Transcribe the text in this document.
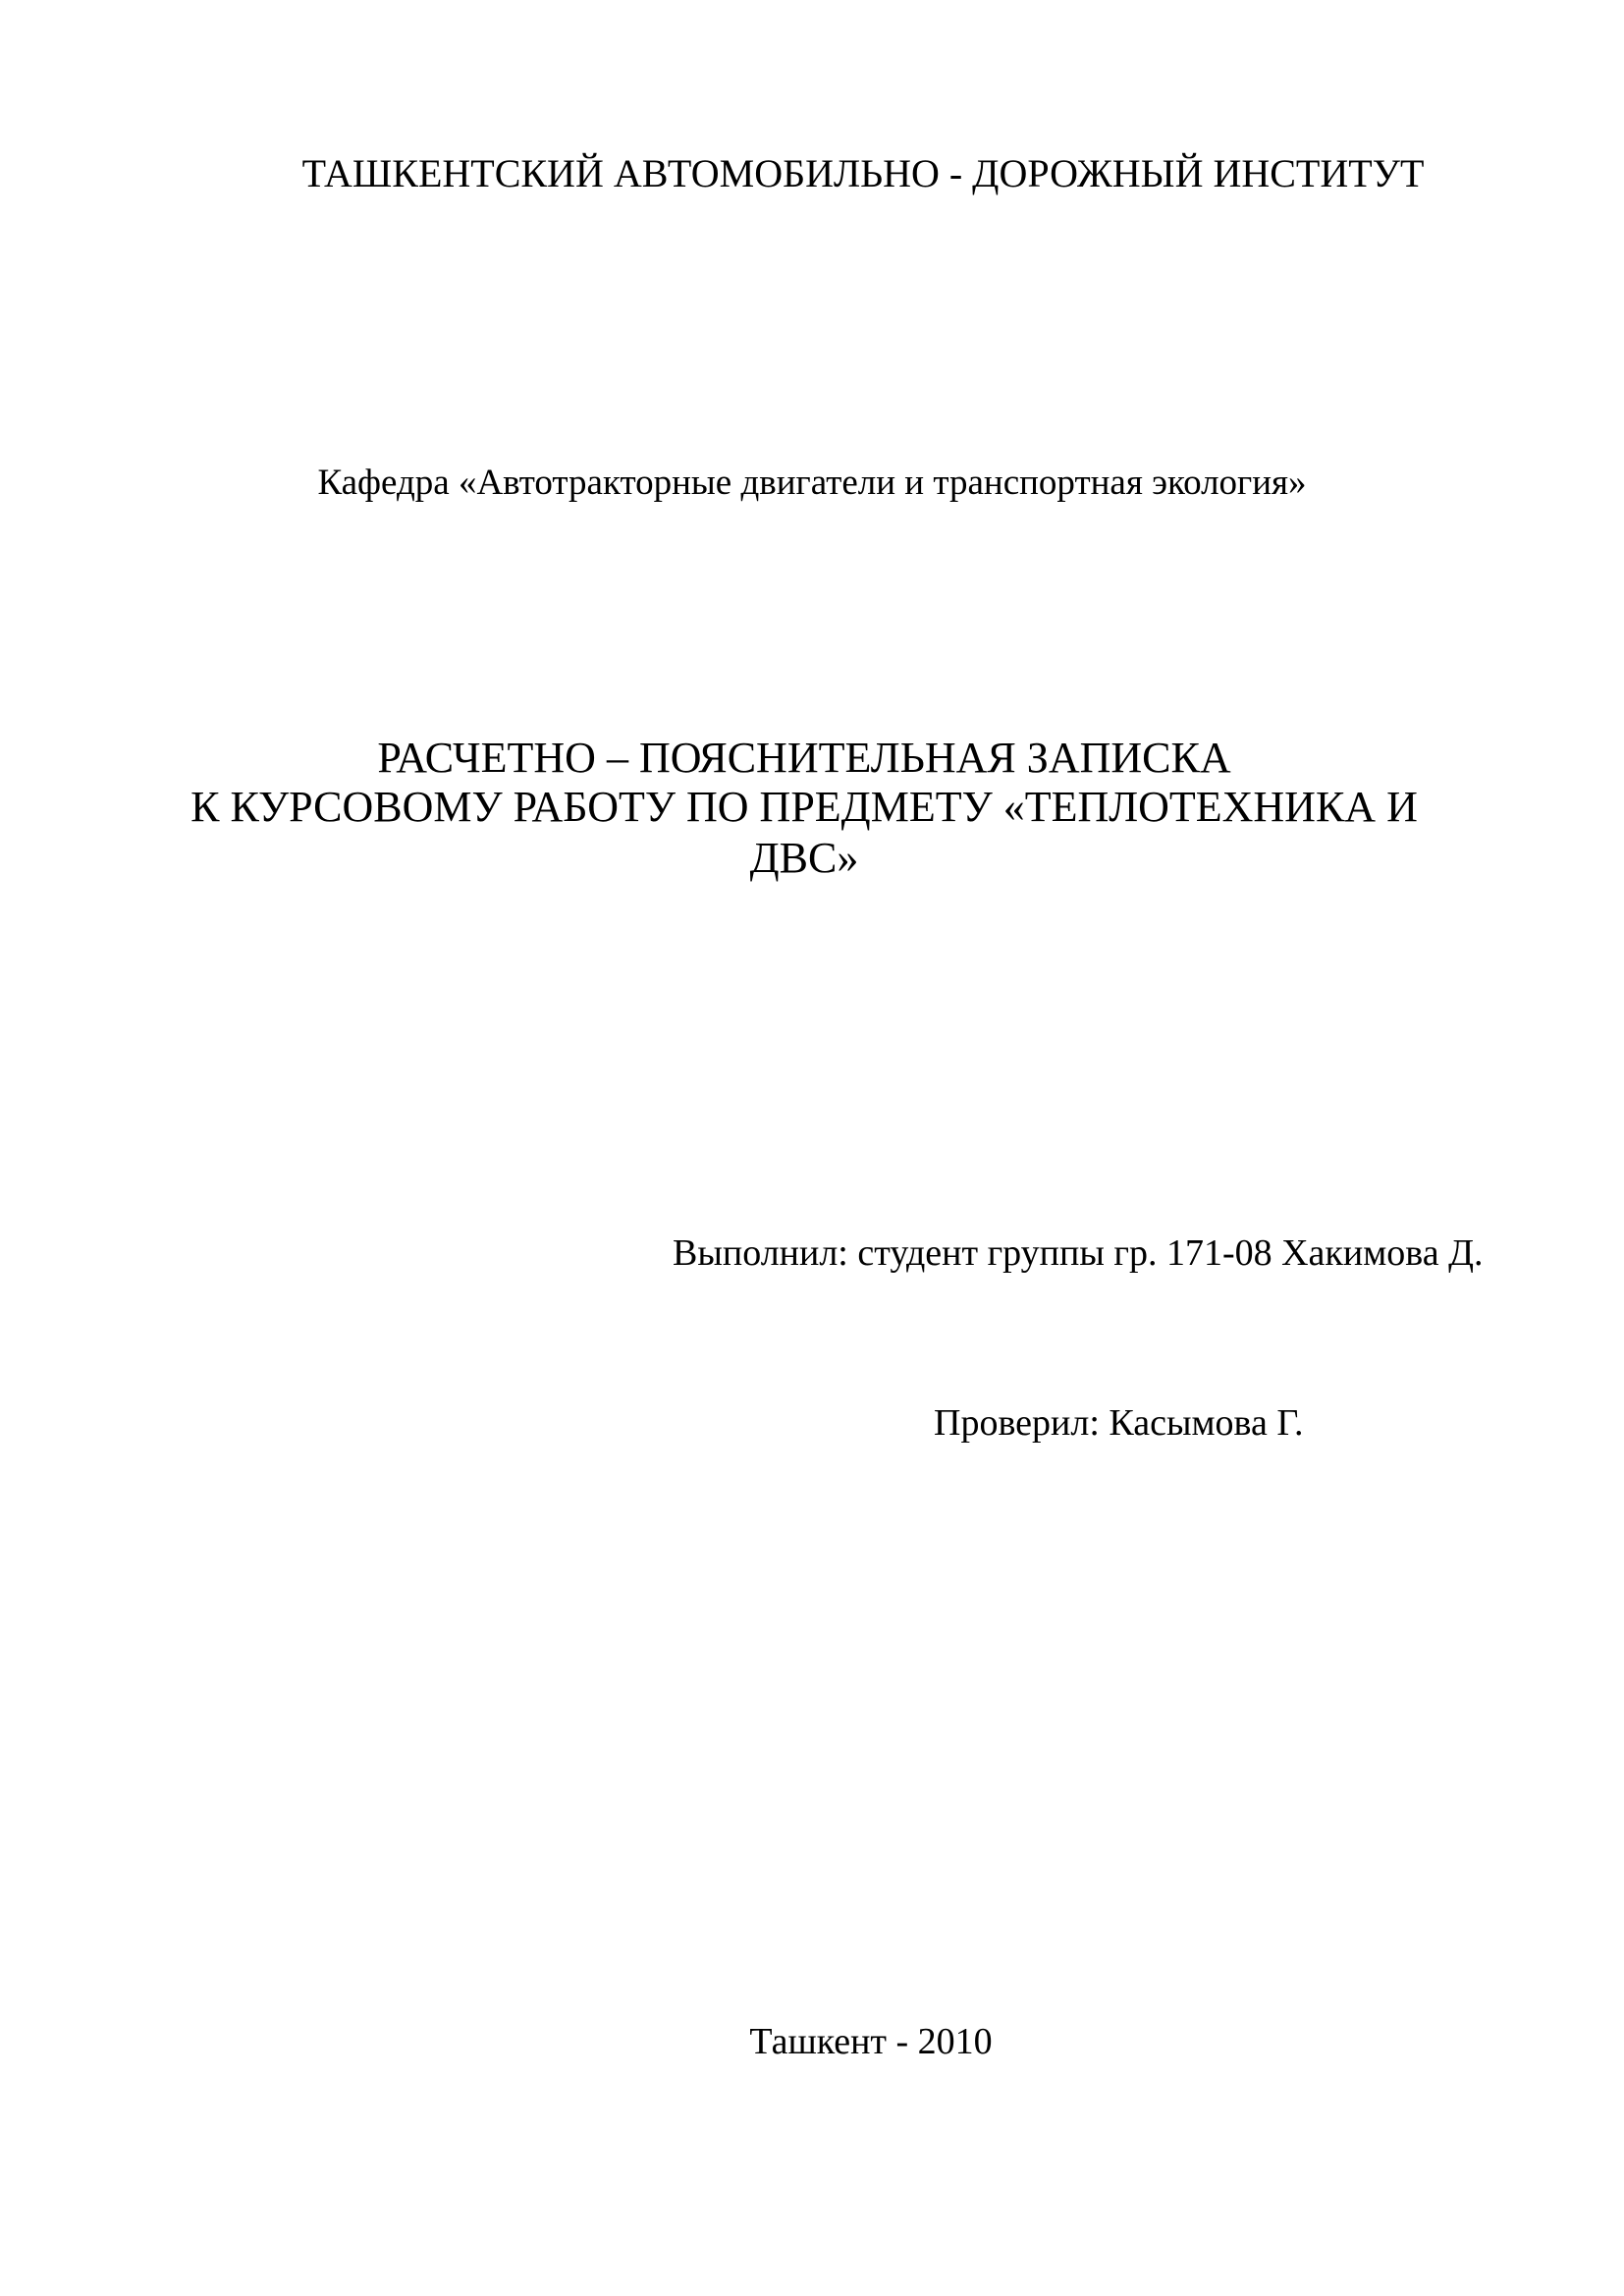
ТАШКЕНТСКИЙ АВТОМОБИЛЬНО - ДОРОЖНЫЙ ИНСТИТУТ

Кафедра «Автотракторные двигатели и транспортная экология»

РАСЧЕТНО – ПОЯСНИТЕЛЬНАЯ ЗАПИСКА
К КУРСОВОМУ РАБОТУ ПО ПРЕДМЕТУ «ТЕПЛОТЕХНИКА И
ДВС»

Выполнил: студент группы гр. 171-08 Хакимова Д.

Проверил: Касымова Г.

Ташкент - 2010
